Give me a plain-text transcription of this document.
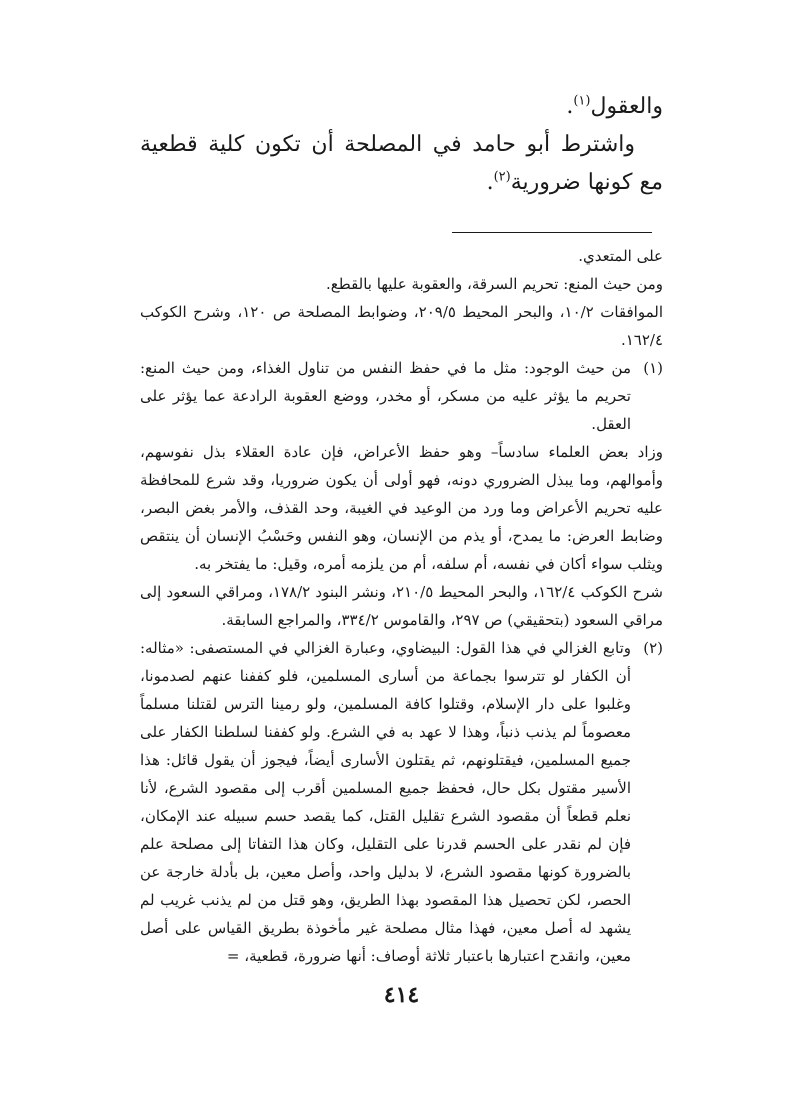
والعقول$^{(١)}$.

واشترط أبو حامد في المصلحة أن تكون كلية قطعية مع كونها ضرورية$^{(٢)}$.

على المتعدي.

ومن حيث المنع: تحريم السرقة، والعقوبة عليها بالقطع.

الموافقات ١٠/٢، والبحر المحيط ٢٠٩/٥، وضوابط المصلحة ص ١٢٠، وشرح الكوكب ١٦٢/٤.

(١)

من حيث الوجود: مثل ما في حفظ النفس من تناول الغذاء، ومن حيث المنع: تحريم ما يؤثر عليه من مسكر، أو مخدر، ووضع العقوبة الرادعة عما يؤثر على العقل.

وزاد بعض العلماء سادساً– وهو حفظ الأعراض، فإن عادة العقلاء بذل نفوسهم، وأموالهم، وما يبذل الضروري دونه، فهو أولى أن يكون ضروريا، وقد شرع للمحافظة عليه تحريم الأعراض وما ورد من الوعيد في الغيبة، وحد القذف، والأمر بغض البصر، وضابط العرض: ما يمدح، أو يذم من الإنسان، وهو النفس وحَسْبُ الإنسان أن ينتقص ويثلب سواء أكان في نفسه، أم سلفه، أم من يلزمه أمره، وقيل: ما يفتخر به.

شرح الكوكب ١٦٢/٤، والبحر المحيط ٢١٠/٥، ونشر البنود ١٧٨/٢، ومراقي السعود إلى مراقي السعود (بتحقيقي) ص ٢٩٧، والقاموس ٣٣٤/٢، والمراجع السابقة.

(٢)

وتابع الغزالي في هذا القول: البيضاوي، وعبارة الغزالي في المستصفى: «مثاله: أن الكفار لو تترسوا بجماعة من أسارى المسلمين، فلو كففنا عنهم لصدمونا، وغلبوا على دار الإسلام، وقتلوا كافة المسلمين، ولو رمينا الترس لقتلنا مسلماً معصوماً لم يذنب ذنباً، وهذا لا عهد به في الشرع. ولو كففنا لسلطنا الكفار على جميع المسلمين، فيقتلونهم، ثم يقتلون الأسارى أيضاً، فيجوز أن يقول قائل: هذا الأسير مقتول بكل حال، فحفظ جميع المسلمين أقرب إلى مقصود الشرع، لأنا نعلم قطعاً أن مقصود الشرع تقليل القتل، كما يقصد حسم سبيله عند الإمكان، فإن لم نقدر على الحسم قدرنا على التقليل، وكان هذا التفاتا إلى مصلحة علم بالضرورة كونها مقصود الشرع، لا بدليل واحد، وأصل معين، بل بأدلة خارجة عن الحصر، لكن تحصيل هذا المقصود بهذا الطريق، وهو قتل من لم يذنب غريب لم يشهد له أصل معين، فهذا مثال مصلحة غير مأخوذة بطريق القياس على أصل معين، وانقدح اعتبارها باعتبار ثلاثة أوصاف: أنها ضرورة، قطعية، =

٤١٤
